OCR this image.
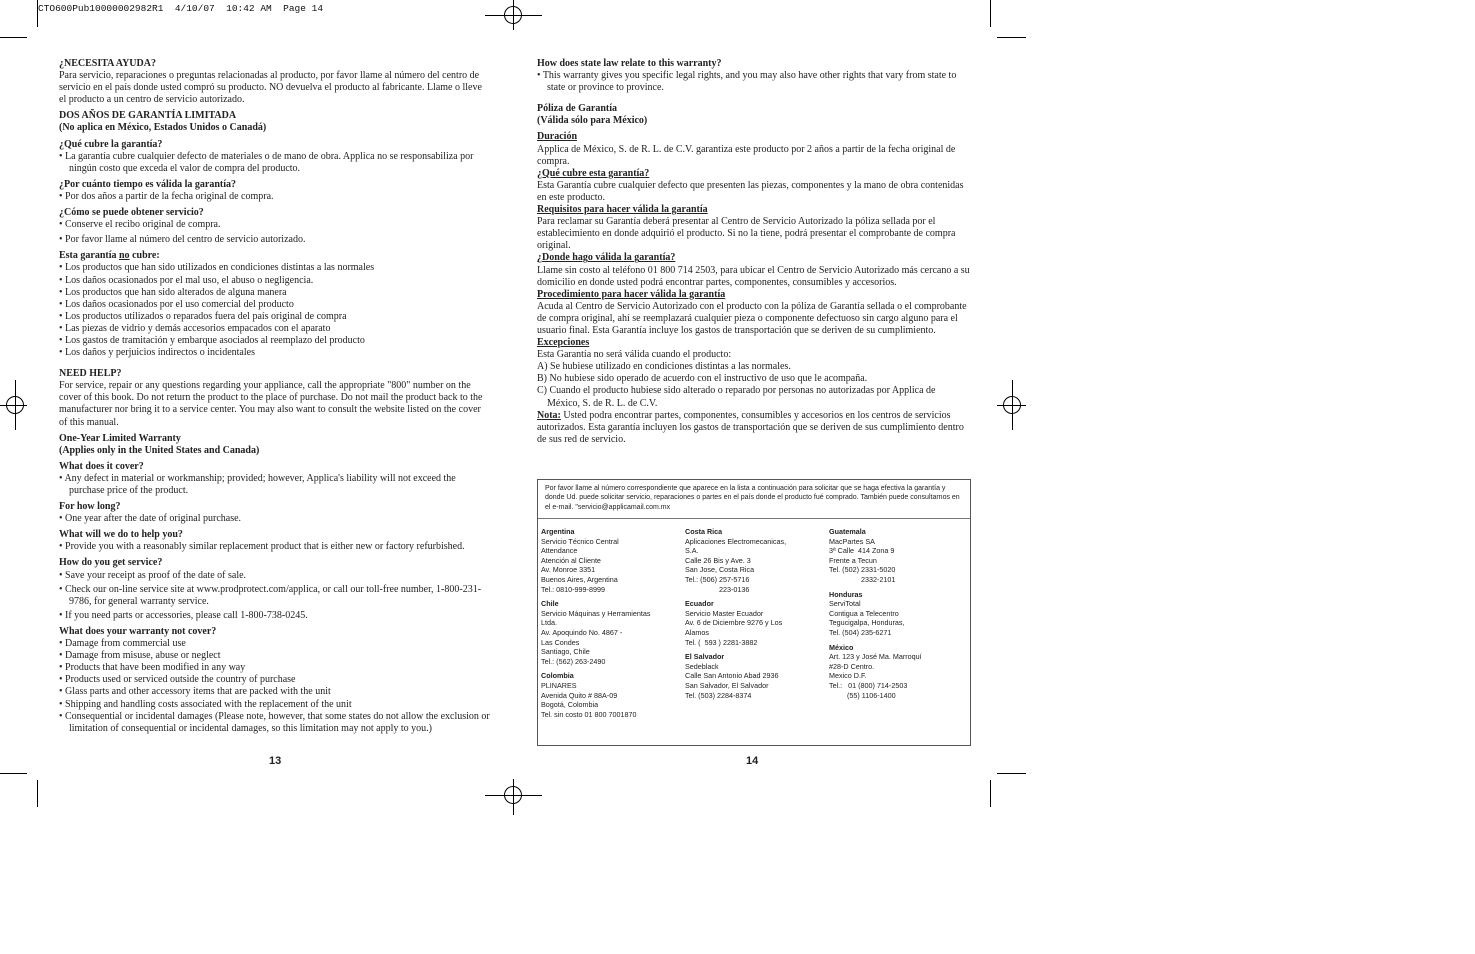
CTO600Pub10000002982R1  4/10/07  10:42 AM  Page 14

¿NECESITA AYUDA?

Para servicio, reparaciones o preguntas relacionadas al producto, por favor llame al número del centro de servicio en el país donde usted compró su producto. NO devuelva el producto al fabricante. Llame o lleve el producto a un centro de servicio autorizado.

DOS AÑOS DE GARANTÍA LIMITADA

(No aplica en México, Estados Unidos o Canadá)

¿Qué cubre la garantía?

• La garantía cubre cualquier defecto de materiales o de mano de obra. Applica no se responsabiliza por ningún costo que exceda el valor de compra del producto.

¿Por cuánto tiempo es válida la garantía?

• Por dos años a partir de la fecha original de compra.

¿Cómo se puede obtener servicio?

• Conserve el recibo original de compra.

• Por favor llame al número del centro de servicio autorizado.

Esta garantía no cubre:

• Los productos que han sido utilizados en condiciones distintas a las normales

• Los daños ocasionados por el mal uso, el abuso o negligencia.

• Los productos que han sido alterados de alguna manera

• Los daños ocasionados por el uso comercial del producto

• Los productos utilizados o reparados fuera del país original de compra

• Las piezas de vidrio y demás accesorios empacados con el aparato

• Los gastos de tramitación y embarque asociados al reemplazo del producto

• Los daños y perjuicios indirectos o incidentales

NEED HELP?

For service, repair or any questions regarding your appliance, call the appropriate "800" number on the cover of this book. Do not return the product to the place of purchase. Do not mail the product back to the manufacturer nor bring it to a service center. You may also want to consult the website listed on the cover of this manual.

One-Year Limited Warranty

(Applies only in the United States and Canada)

What does it cover?

• Any defect in material or workmanship; provided; however, Applica's liability will not exceed the purchase price of the product.

For how long?

• One year after the date of original purchase.

What will we do to help you?

• Provide you with a reasonably similar replacement product that is either new or factory refurbished.

How do you get service?

• Save your receipt as proof of the date of sale.

• Check our on-line service site at www.prodprotect.com/applica, or call our toll-free number, 1-800-231-9786, for general warranty service.

• If you need parts or accessories, please call 1-800-738-0245.

What does your warranty not cover?

• Damage from commercial use

• Damage from misuse, abuse or neglect

• Products that have been modified in any way

• Products used or serviced outside the country of purchase

• Glass parts and other accessory items that are packed with the unit

• Shipping and handling costs associated with the replacement of the unit

• Consequential or incidental damages (Please note, however, that some states do not allow the exclusion or limitation of consequential or incidental damages, so this limitation may not apply to you.)

13

How does state law relate to this warranty?

• This warranty gives you specific legal rights, and you may also have other rights that vary from state to state or province to province.

Póliza de Garantía

(Válida sólo para México)

Duración

Applica de México, S. de R. L. de C.V. garantiza este producto por 2 años a partir de la fecha original de compra.

¿Qué cubre esta garantía?

Esta Garantía cubre cualquier defecto que presenten las piezas, componentes y la mano de obra contenidas en este producto.

Requisitos para hacer válida la garantía

Para reclamar su Garantía deberá presentar al Centro de Servicio Autorizado la póliza sellada por el establecimiento en donde adquirió el producto. Si no la tiene, podrá presentar el comprobante de compra original.

¿Donde hago válida la garantía?

Llame sin costo al teléfono 01 800 714 2503, para ubicar el Centro de Servicio Autorizado más cercano a su domicilio en donde usted podrá encontrar partes, componentes, consumibles y accesorios.

Procedimiento para hacer válida la garantía

Acuda al Centro de Servicio Autorizado con el producto con la póliza de Garantía sellada o el comprobante de compra original, ahí se reemplazará cualquier pieza o componente defectuoso sin cargo alguno para el usuario final. Esta Garantía incluye los gastos de transportación que se deriven de su cumplimiento.

Excepciones

Esta Garantía no será válida cuando el producto:

A) Se hubiese utilizado en condiciones distintas a las normales.

B) No hubiese sido operado de acuerdo con el instructivo de uso que le acompaña.

C) Cuando el producto hubiese sido alterado o reparado por personas no autorizadas por Applica de México, S. de R. L. de C.V.

Nota: Usted podra encontrar partes, componentes, consumibles y accesorios en los centros de servicios autorizados. Esta garantía incluyen los gastos de transportación que se deriven de sus cumplimiento dentro de sus red de servicio.

Por favor llame al número correspondiente que aparece en la lista a continuación para solicitar que se haga efectiva la garantía y donde Ud. puede solicitar servicio, reparaciones o partes en el país donde el producto fué comprado. También puede consultarnos en el e-mail. "servicio@applicamail.com.mx

Argentina

Servicio Técnico Central

Attendance

Atención al Cliente

Av. Monroe 3351

Buenos Aires, Argentina

Tel.: 0810-999-8999

Chile

Servicio Máquinas y Herramientas

Ltda.

Av. Apoquindo No. 4867 -

Las Condes

Santiago, Chile

Tel.: (562) 263-2490

Colombia

PLINARES

Avenida Quito # 88A-09

Bogotá, Colombia

Tel. sin costo 01 800 7001870

Costa Rica

Aplicaciones Electromecanicas,

S.A.

Calle 26 Bis y Ave. 3

San Jose, Costa Rica

Tel.: (506) 257-5716

223-0136

Ecuador

Servicio Master Ecuador

Av. 6 de Diciembre 9276 y Los

Alamos

Tel. (  593 ) 2281-3882

El Salvador

Sedeblack

Calle San Antonio Abad 2936

San Salvador, El Salvador

Tel. (503) 2284-8374

Guatemala

MacPartes SA

3ª Calle  414 Zona 9

Frente a Tecun

Tel. (502) 2331-5020

2332-2101

Honduras

ServiTotal

Contigua a Telecentro

Tegucigalpa, Honduras,

Tel. (504) 235-6271

México

Art. 123 y José Ma. Marroquí

#28-D Centro.

Mexico D.F.

Tel.:   01 (800) 714-2503

(55) 1106-1400

14
